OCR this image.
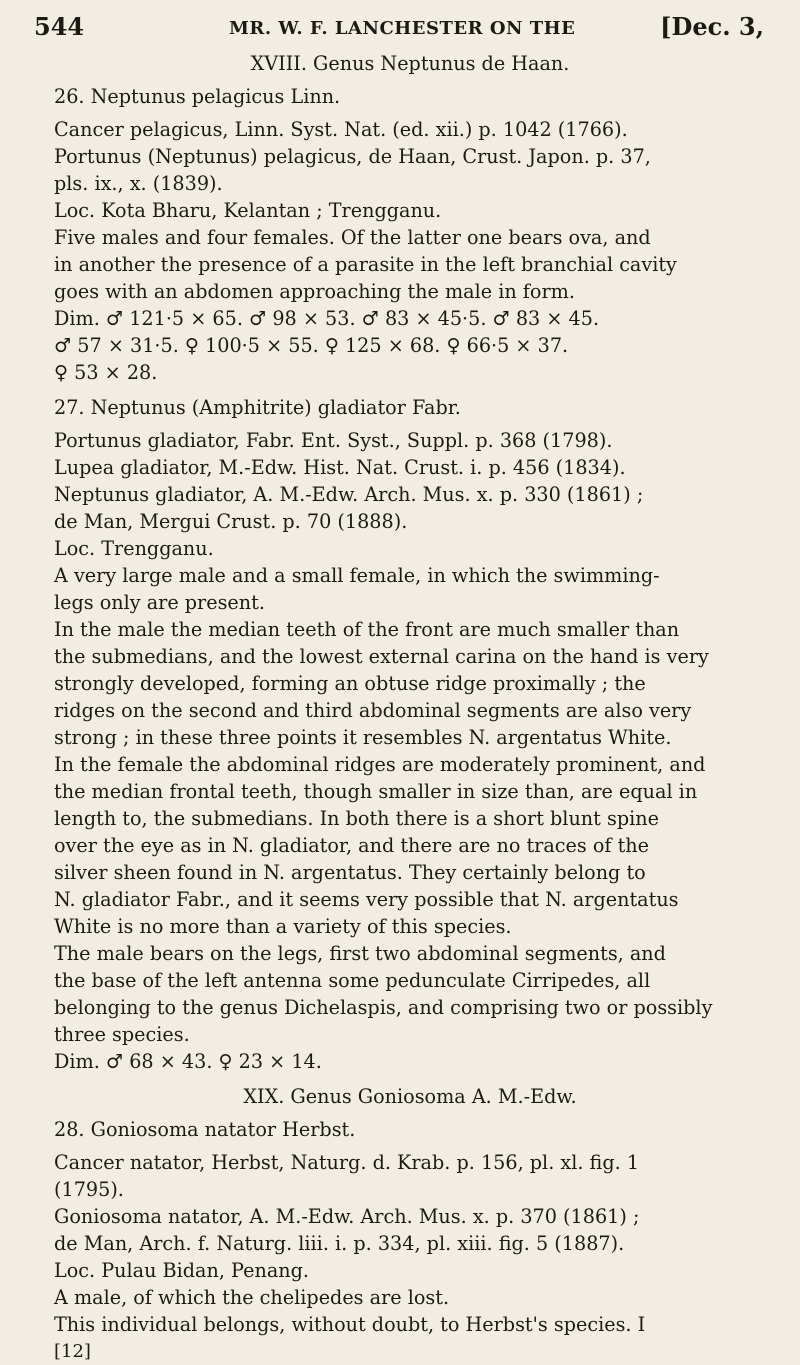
544	MR. W. F. LANCHESTER ON THE	[Dec. 3,

XVIII. Genus Neptunus de Haan.

26. Neptunus pelagicus Linn.

Cancer pelagicus, Linn. Syst. Nat. (ed. xii.) p. 1042 (1766).

Portunus (Neptunus) pelagicus, de Haan, Crust. Japon. p. 37,

pls. ix., x. (1839).

Loc. Kota Bharu, Kelantan ; Trengganu.

Five males and four females. Of the latter one bears ova, and

in another the presence of a parasite in the left branchial cavity

goes with an abdomen approaching the male in form.

Dim. ♂ 121·5 × 65. ♂ 98 × 53. ♂ 83 × 45·5. ♂ 83 × 45.

♂ 57 × 31·5. ♀ 100·5 × 55. ♀ 125 × 68. ♀ 66·5 × 37.

♀ 53 × 28.

27. Neptunus (Amphitrite) gladiator Fabr.

Portunus gladiator, Fabr. Ent. Syst., Suppl. p. 368 (1798).

Lupea gladiator, M.-Edw. Hist. Nat. Crust. i. p. 456 (1834).

Neptunus gladiator, A. M.-Edw. Arch. Mus. x. p. 330 (1861) ;

de Man, Mergui Crust. p. 70 (1888).

Loc. Trengganu.

A very large male and a small female, in which the swimming-

legs only are present.

In the male the median teeth of the front are much smaller than

the submedians, and the lowest external carina on the hand is very

strongly developed, forming an obtuse ridge proximally ; the

ridges on the second and third abdominal segments are also very

strong ; in these three points it resembles N. argentatus White.

In the female the abdominal ridges are moderately prominent, and

the median frontal teeth, though smaller in size than, are equal in

length to, the submedians. In both there is a short blunt spine

over the eye as in N. gladiator, and there are no traces of the

silver sheen found in N. argentatus. They certainly belong to

N. gladiator Fabr., and it seems very possible that N. argentatus

White is no more than a variety of this species.

The male bears on the legs, first two abdominal segments, and

the base of the left antenna some pedunculate Cirripedes, all

belonging to the genus Dichelaspis, and comprising two or possibly

three species.

Dim. ♂ 68 × 43. ♀ 23 × 14.

XIX. Genus Goniosoma A. M.-Edw.

28. Goniosoma natator Herbst.

Cancer natator, Herbst, Naturg. d. Krab. p. 156, pl. xl. fig. 1

(1795).

Goniosoma natator, A. M.-Edw. Arch. Mus. x. p. 370 (1861) ;

de Man, Arch. f. Naturg. liii. i. p. 334, pl. xiii. fig. 5 (1887).

Loc. Pulau Bidan, Penang.

A male, of which the chelipedes are lost.

This individual belongs, without doubt, to Herbst's species. I

[12]
